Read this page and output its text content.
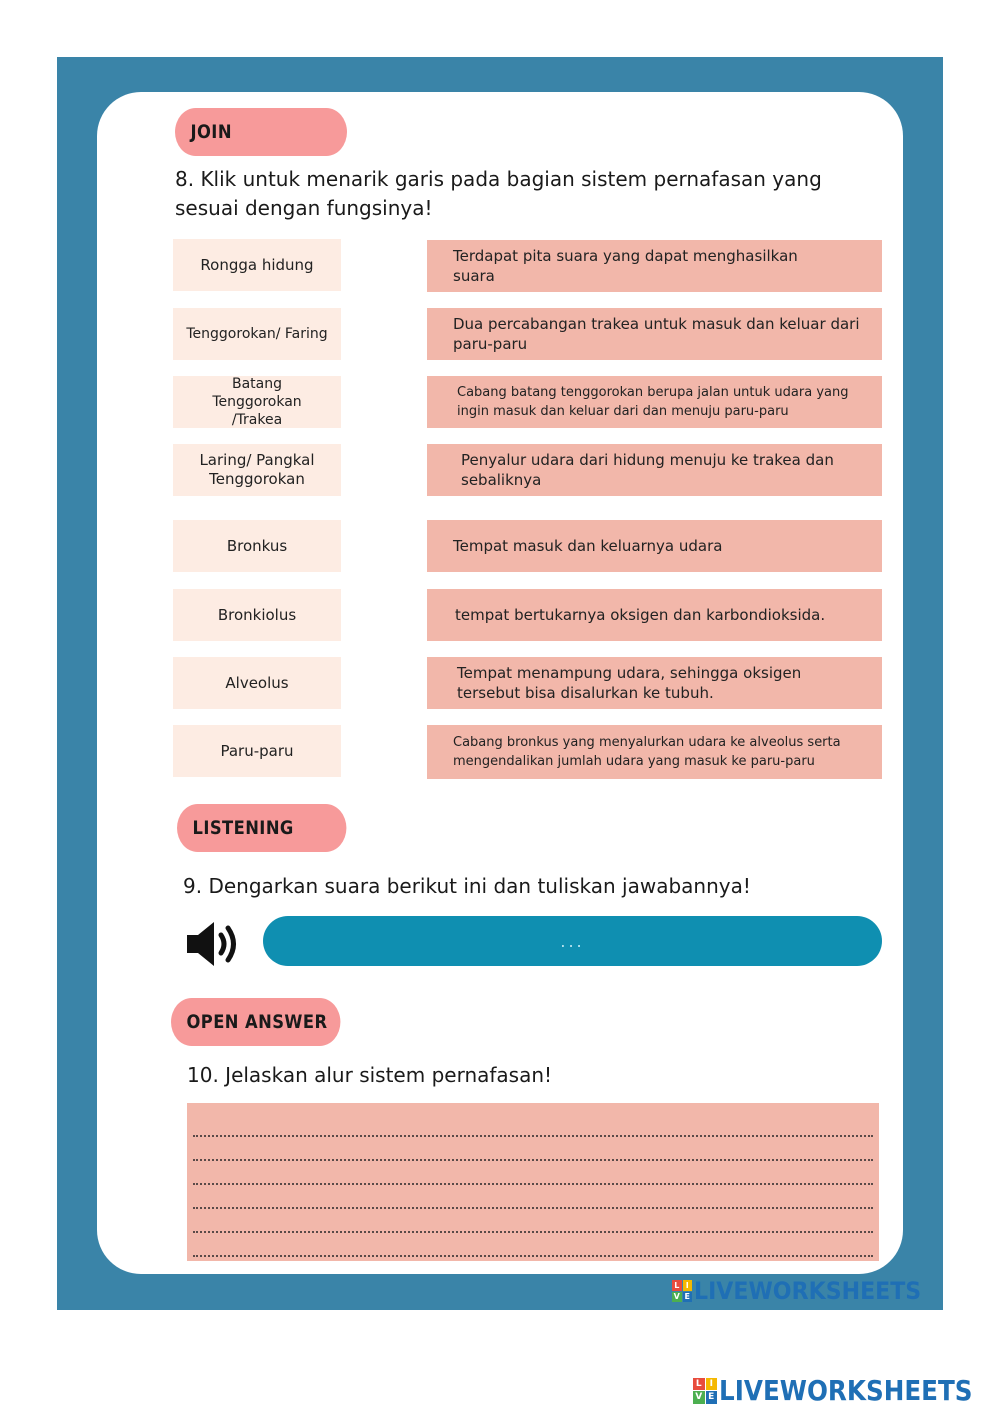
JOIN
8. Klik untuk menarik garis pada bagian sistem pernafasan yang sesuai dengan fungsinya!
Rongga hidung
Tenggorokan/ Faring
Batang Tenggorokan /Trakea
Laring/ Pangkal Tenggorokan
Bronkus
Bronkiolus
Alveolus
Paru-paru
Terdapat pita suara yang dapat menghasilkan suara
Dua percabangan trakea untuk masuk dan keluar dari paru-paru
Cabang batang tenggorokan berupa jalan untuk udara yang ingin masuk dan keluar dari dan menuju paru-paru
Penyalur udara dari hidung menuju ke trakea dan sebaliknya
Tempat masuk dan keluarnya udara
tempat bertukarnya oksigen dan karbondioksida.
Tempat menampung udara, sehingga oksigen tersebut bisa disalurkan ke tubuh.
Cabang bronkus yang menyalurkan udara ke alveolus serta mengendalikan jumlah udara yang masuk ke paru-paru
LISTENING
9. Dengarkan suara berikut ini dan tuliskan jawabannya!
...
OPEN ANSWER
10. Jelaskan alur sistem pernafasan!
L I
V E LIVEWORKSHEETS
L I
V E LIVEWORKSHEETS
